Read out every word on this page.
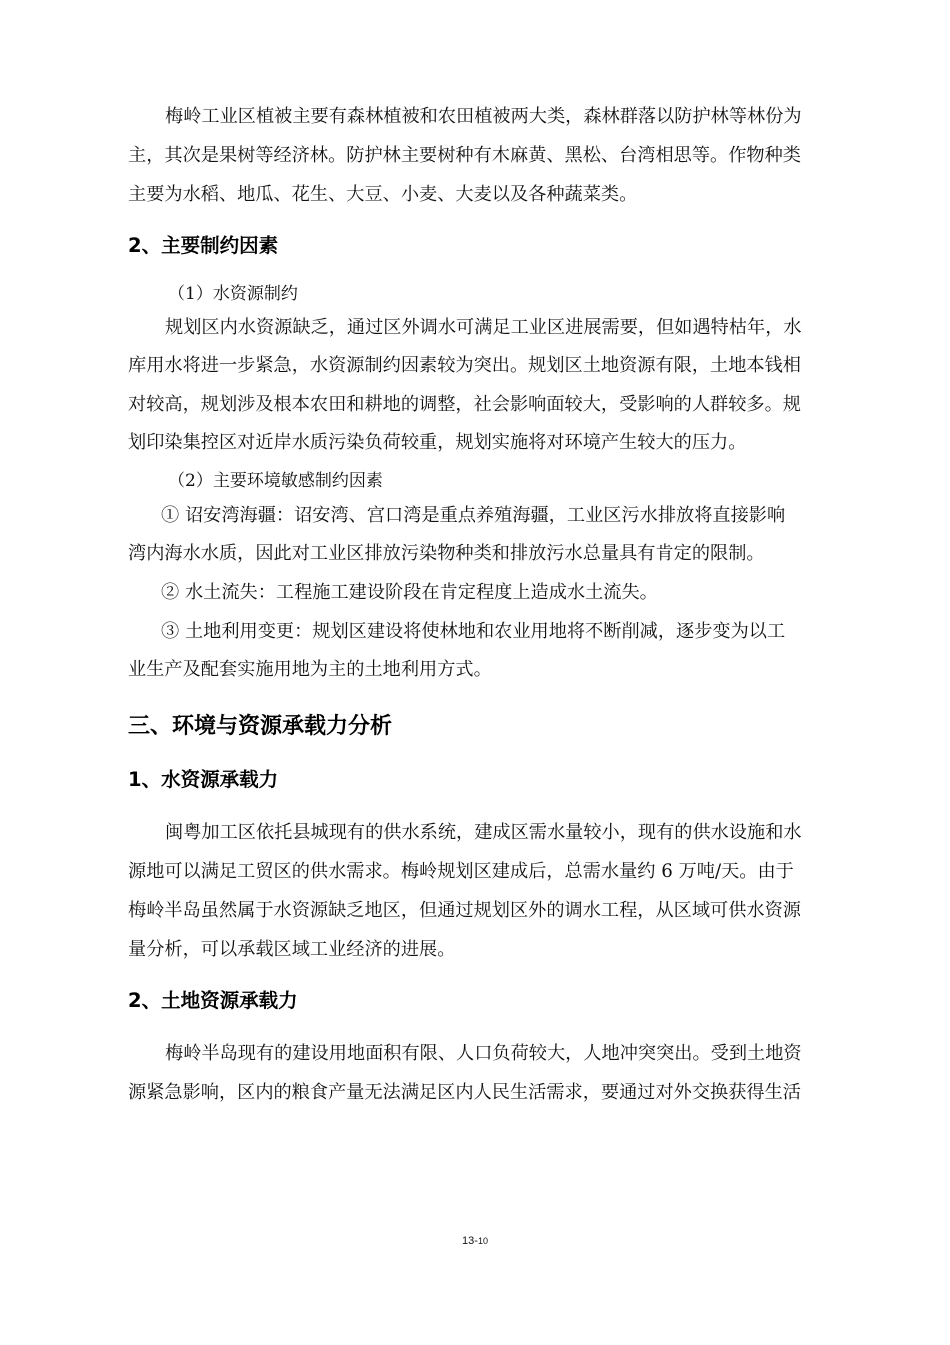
梅岭工业区植被主要有森林植被和农田植被两大类，森林群落以防护林等林份为
主，其次是果树等经济林。防护林主要树种有木麻黄、黑松、台湾相思等。作物种类
主要为水稻、地瓜、花生、大豆、小麦、大麦以及各种蔬菜类。
2、主要制约因素
（1）水资源制约
规划区内水资源缺乏，通过区外调水可满足工业区进展需要，但如遇特枯年，水
库用水将进一步紧急，水资源制约因素较为突出。规划区土地资源有限，土地本钱相
对较高，规划涉及根本农田和耕地的调整，社会影响面较大，受影响的人群较多。规
划印染集控区对近岸水质污染负荷较重，规划实施将对环境产生较大的压力。
（2）主要环境敏感制约因素
① 诏安湾海疆：诏安湾、宫口湾是重点养殖海疆，工业区污水排放将直接影响
湾内海水水质，因此对工业区排放污染物种类和排放污水总量具有肯定的限制。
② 水土流失：工程施工建设阶段在肯定程度上造成水土流失。
③ 土地利用变更：规划区建设将使林地和农业用地将不断削减，逐步变为以工
业生产及配套实施用地为主的土地利用方式。
三、环境与资源承载力分析
1、水资源承载力
闽粤加工区依托县城现有的供水系统，建成区需水量较小，现有的供水设施和水
源地可以满足工贸区的供水需求。梅岭规划区建成后，总需水量约 6 万吨/天。由于
梅岭半岛虽然属于水资源缺乏地区，但通过规划区外的调水工程，从区域可供水资源
量分析，可以承载区域工业经济的进展。
2、土地资源承载力
梅岭半岛现有的建设用地面积有限、人口负荷较大，人地冲突突出。受到土地资
源紧急影响，区内的粮食产量无法满足区内人民生活需求，要通过对外交换获得生活
13-10
